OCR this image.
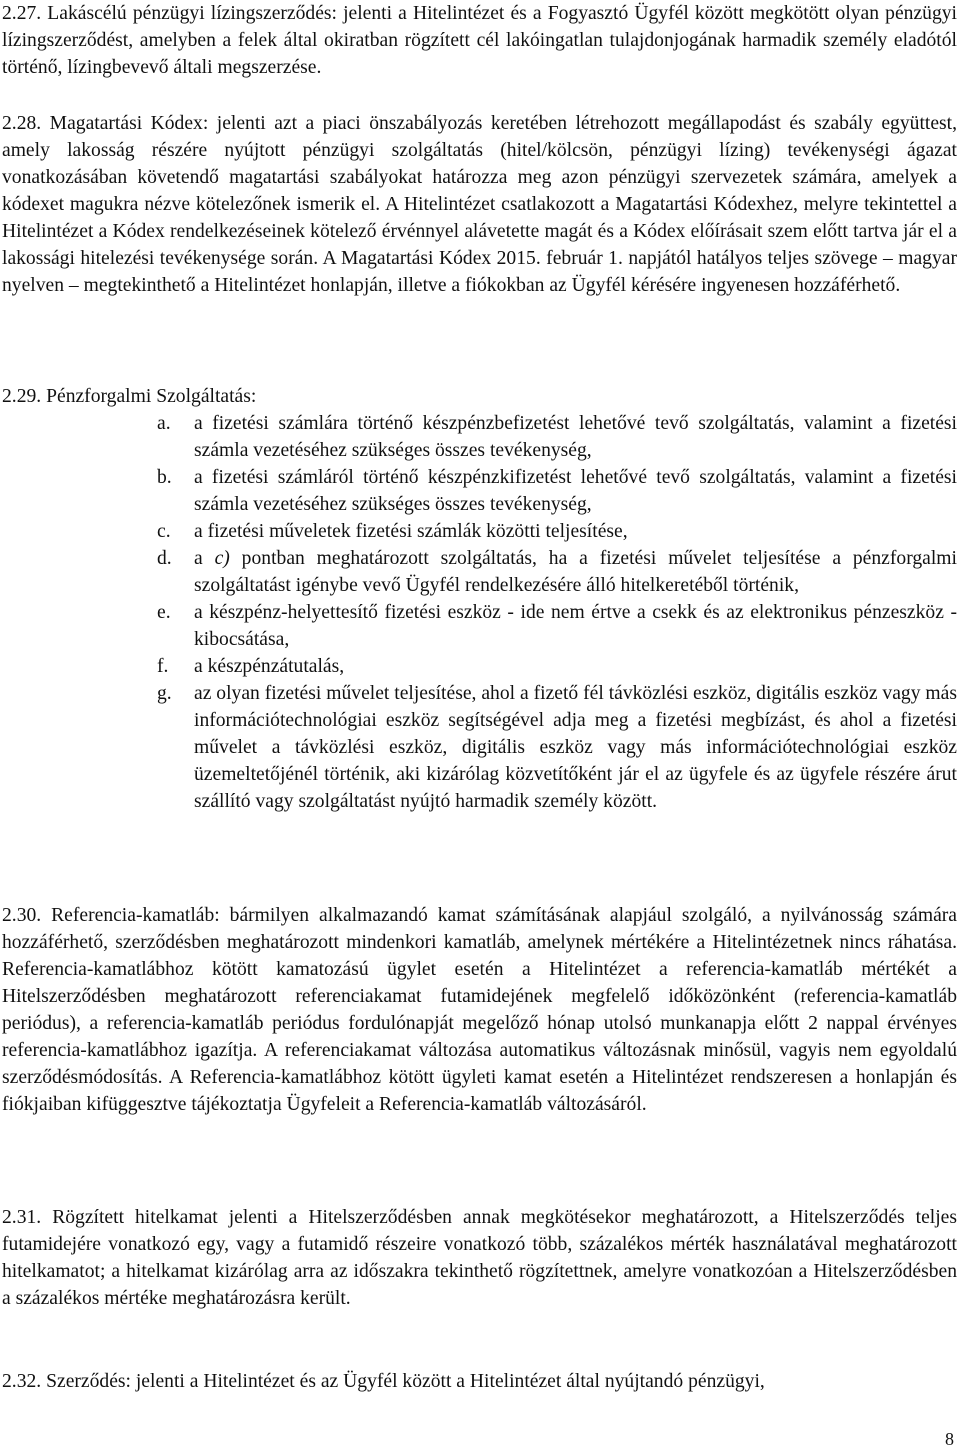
2.27. Lakáscélú pénzügyi lízingszerződés: jelenti a Hitelintézet és a Fogyasztó Ügyfél között megkötött olyan pénzügyi lízingszerződést, amelyben a felek által okiratban rögzített cél lakóingatlan tulajdonjogának harmadik személy eladótól történő, lízingbevevő általi megszerzése.

2.28. Magatartási Kódex: jelenti azt a piaci önszabályozás keretében létrehozott megállapodást és szabály együttest, amely lakosság részére nyújtott pénzügyi szolgáltatás (hitel/kölcsön, pénzügyi lízing) tevékenységi ágazat vonatkozásában követendő magatartási szabályokat határozza meg azon pénzügyi szervezetek számára, amelyek a kódexet magukra nézve kötelezőnek ismerik el. A Hitelintézet csatlakozott a Magatartási Kódexhez, melyre tekintettel a Hitelintézet a Kódex rendelkezéseinek kötelező érvénnyel alávetette magát és a Kódex előírásait szem előtt tartva jár el a lakossági hitelezési tevékenysége során. A Magatartási Kódex 2015. február 1. napjától hatályos teljes szövege – magyar nyelven – megtekinthető a Hitelintézet honlapján, illetve a fiókokban az Ügyfél kérésére ingyenesen hozzáférhető.

2.29. Pénzforgalmi Szolgáltatás:

a. a fizetési számlára történő készpénzbefizetést lehetővé tevő szolgáltatás, valamint a fizetési számla vezetéséhez szükséges összes tevékenység,
b. a fizetési számláról történő készpénzkifizetést lehetővé tevő szolgáltatás, valamint a fizetési számla vezetéséhez szükséges összes tevékenység,
c. a fizetési műveletek fizetési számlák közötti teljesítése,
d. a c) pontban meghatározott szolgáltatás, ha a fizetési művelet teljesítése a pénzforgalmi szolgáltatást igénybe vevő Ügyfél rendelkezésére álló hitelkeretéből történik,
e. a készpénz-helyettesítő fizetési eszköz - ide nem értve a csekk és az elektronikus pénzeszköz - kibocsátása,
f. a készpénzátutalás,
g. az olyan fizetési művelet teljesítése, ahol a fizető fél távközlési eszköz, digitális eszköz vagy más információtechnológiai eszköz segítségével adja meg a fizetési megbízást, és ahol a fizetési művelet a távközlési eszköz, digitális eszköz vagy más információtechnológiai eszköz üzemeltetőjénél történik, aki kizárólag közvetítőként jár el az ügyfele és az ügyfele részére árut szállító vagy szolgáltatást nyújtó harmadik személy között.

2.30. Referencia-kamatláb: bármilyen alkalmazandó kamat számításának alapjául szolgáló, a nyilvánosság számára hozzáférhető, szerződésben meghatározott mindenkori kamatláb, amelynek mértékére a Hitelintézetnek nincs ráhatása. Referencia-kamatlábhoz kötött kamatozású ügylet esetén a Hitelintézet a referencia-kamatláb mértékét a Hitelszerződésben meghatározott referenciakamat futamidejének megfelelő időközönként (referencia-kamatláb periódus), a referencia-kamatláb periódus fordulónapját megelőző hónap utolsó munkanapja előtt 2 nappal érvényes referencia-kamatlábhoz igazítja. A referenciakamat változása automatikus változásnak minősül, vagyis nem egyoldalú szerződésmódosítás. A Referencia-kamatlábhoz kötött ügyleti kamat esetén a Hitelintézet rendszeresen a honlapján és fiókjaiban kifüggesztve tájékoztatja Ügyfeleit a Referencia-kamatláb változásáról.

2.31. Rögzített hitelkamat jelenti a Hitelszerződésben annak megkötésekor meghatározott, a Hitelszerződés teljes futamidejére vonatkozó egy, vagy a futamidő részeire vonatkozó több, százalékos mérték használatával meghatározott hitelkamatot; a hitelkamat kizárólag arra az időszakra tekinthető rögzítettnek, amelyre vonatkozóan a Hitelszerződésben a százalékos mértéke meghatározásra került.

2.32. Szerződés: jelenti a Hitelintézet és az Ügyfél között a Hitelintézet által nyújtandó pénzügyi,

8
